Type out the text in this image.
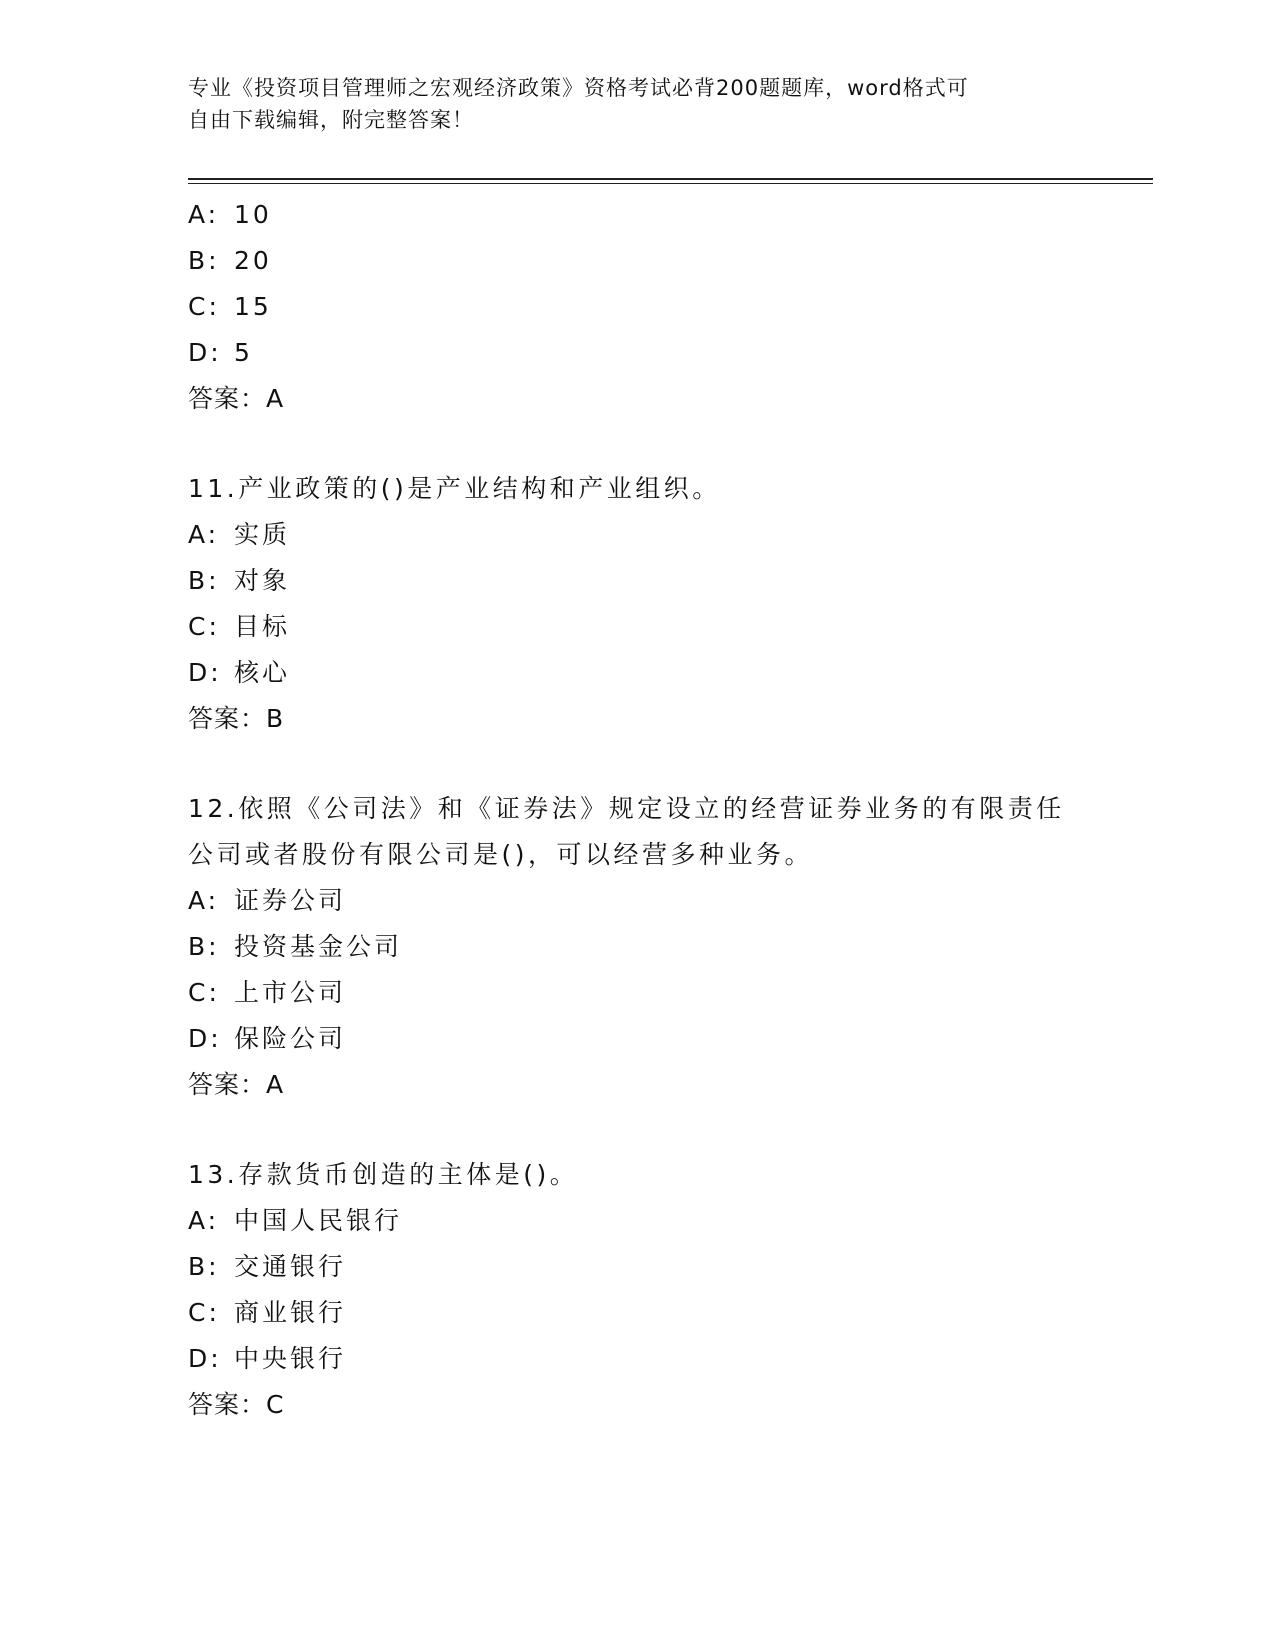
专业《投资项目管理师之宏观经济政策》资格考试必背200题题库，word格式可
自由下载编辑，附完整答案！
A: 10
B: 20
C: 15
D: 5
答案：A
11.产业政策的()是产业结构和产业组织。
A: 实质
B: 对象
C: 目标
D: 核心
答案：B
12.依照《公司法》和《证券法》规定设立的经营证券业务的有限责任
公司或者股份有限公司是()，可以经营多种业务。
A: 证券公司
B: 投资基金公司
C: 上市公司
D: 保险公司
答案：A
13.存款货币创造的主体是()。
A: 中国人民银行
B: 交通银行
C: 商业银行
D: 中央银行
答案：C
